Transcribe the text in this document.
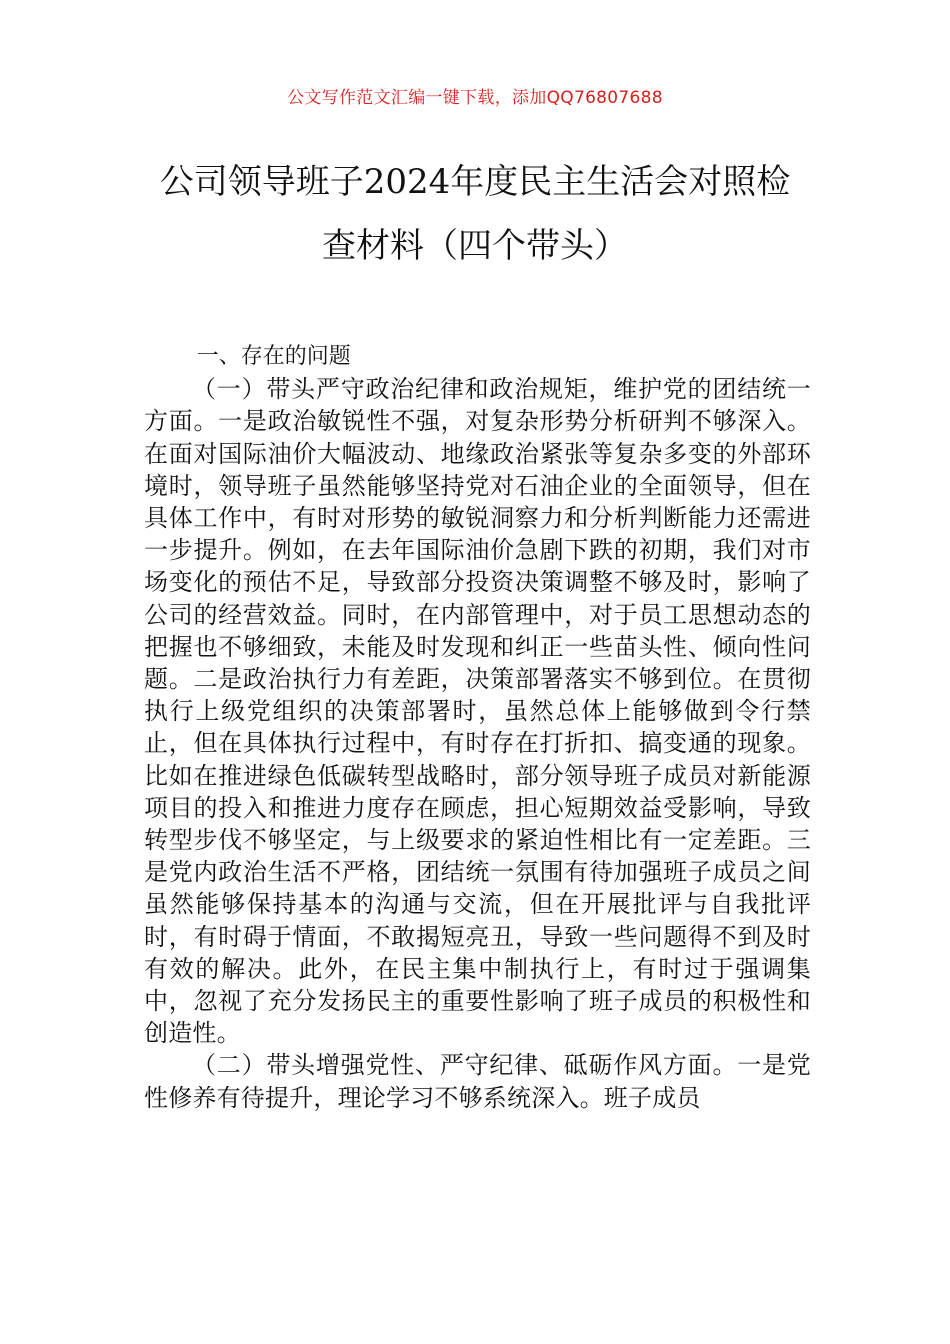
公文写作范文汇编一键下载，添加QQ76807688
公司领导班子2024年度民主生活会对照检
查材料（四个带头）

一、存在的问题

（一）带头严守政治纪律和政治规矩，维护党的团结统一方面。一是政治敏锐性不强，对复杂形势分析研判不够深入。在面对国际油价大幅波动、地缘政治紧张等复杂多变的外部环境时，领导班子虽然能够坚持党对石油企业的全面领导，但在具体工作中，有时对形势的敏锐洞察力和分析判断能力还需进一步提升。例如，在去年国际油价急剧下跌的初期，我们对市场变化的预估不足，导致部分投资决策调整不够及时，影响了公司的经营效益。同时，在内部管理中，对于员工思想动态的把握也不够细致，未能及时发现和纠正一些苗头性、倾向性问题。二是政治执行力有差距，决策部署落实不够到位。在贯彻执行上级党组织的决策部署时，虽然总体上能够做到令行禁止，但在具体执行过程中，有时存在打折扣、搞变通的现象。比如在推进绿色低碳转型战略时，部分领导班子成员对新能源项目的投入和推进力度存在顾虑，担心短期效益受影响，导致转型步伐不够坚定，与上级要求的紧迫性相比有一定差距。三是党内政治生活不严格，团结统一氛围有待加强班子成员之间虽然能够保持基本的沟通与交流，但在开展批评与自我批评时，有时碍于情面，不敢揭短亮丑，导致一些问题得不到及时有效的解决。此外，在民主集中制执行上，有时过于强调集中，忽视了充分发扬民主的重要性影响了班子成员的积极性和创造性。

（二）带头增强党性、严守纪律、砥砺作风方面。一是党性修养有待提升，理论学习不够系统深入。班子成员
